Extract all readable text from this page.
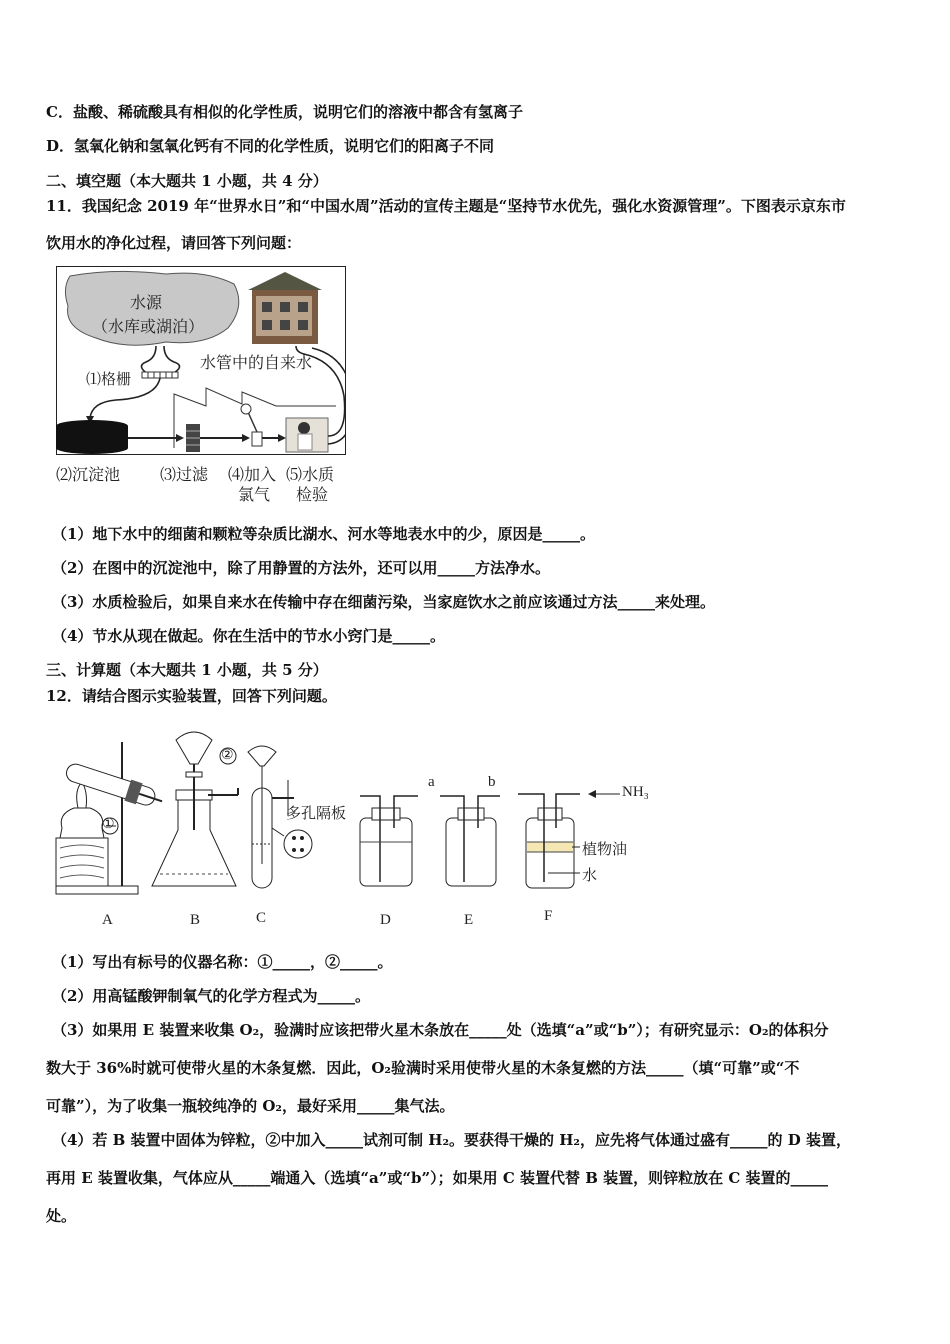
C．盐酸、稀硫酸具有相似的化学性质，说明它们的溶液中都含有氢离子
D．氢氧化钠和氢氧化钙有不同的化学性质，说明它们的阳离子不同
二、填空题（本大题共 1 小题，共 4 分）
11．我国纪念 2019 年“世界水日”和“中国水周”活动的宣传主题是“坚持节水优先，强化水资源管理”。下图表示京东市
饮用水的净化过程，请回答下列问题：
水源
（水库或湖泊）
水管中的自来水
⑴格栅
⑵沉淀池 ⑶过滤 ⑷加入
氯气
⑸水质
检验
（1）地下水中的细菌和颗粒等杂质比湖水、河水等地表水中的少，原因是_____。
（2）在图中的沉淀池中，除了用静置的方法外，还可以用_____方法净水。
（3）水质检验后，如果自来水在传输中存在细菌污染，当家庭饮水之前应该通过方法_____来处理。
（4）节水从现在做起。你在生活中的节水小窍门是_____。
三、计算题（本大题共 1 小题，共 5 分）
12．请结合图示实验装置，回答下列问题。
A	B	C	D	E	F
①
②
多孔隔板
a	b
NH₃
植物油
水
（1）写出有标号的仪器名称：①_____，②_____。
（2）用高锰酸钾制氧气的化学方程式为_____。
（3）如果用 E 装置来收集 O₂，验满时应该把带火星木条放在_____处（选填“a”或“b”）；有研究显示：O₂的体积分
数大于 36%时就可使带火星的木条复燃．因此，O₂验满时采用使带火星的木条复燃的方法_____（填“可靠”或“不
可靠”），为了收集一瓶较纯净的 O₂，最好采用_____集气法。
（4）若 B 装置中固体为锌粒，②中加入_____试剂可制 H₂。要获得干燥的 H₂，应先将气体通过盛有_____的 D 装置，
再用 E 装置收集，气体应从_____端通入（选填“a”或“b”）；如果用 C 装置代替 B 装置，则锌粒放在 C 装置的_____
处。
